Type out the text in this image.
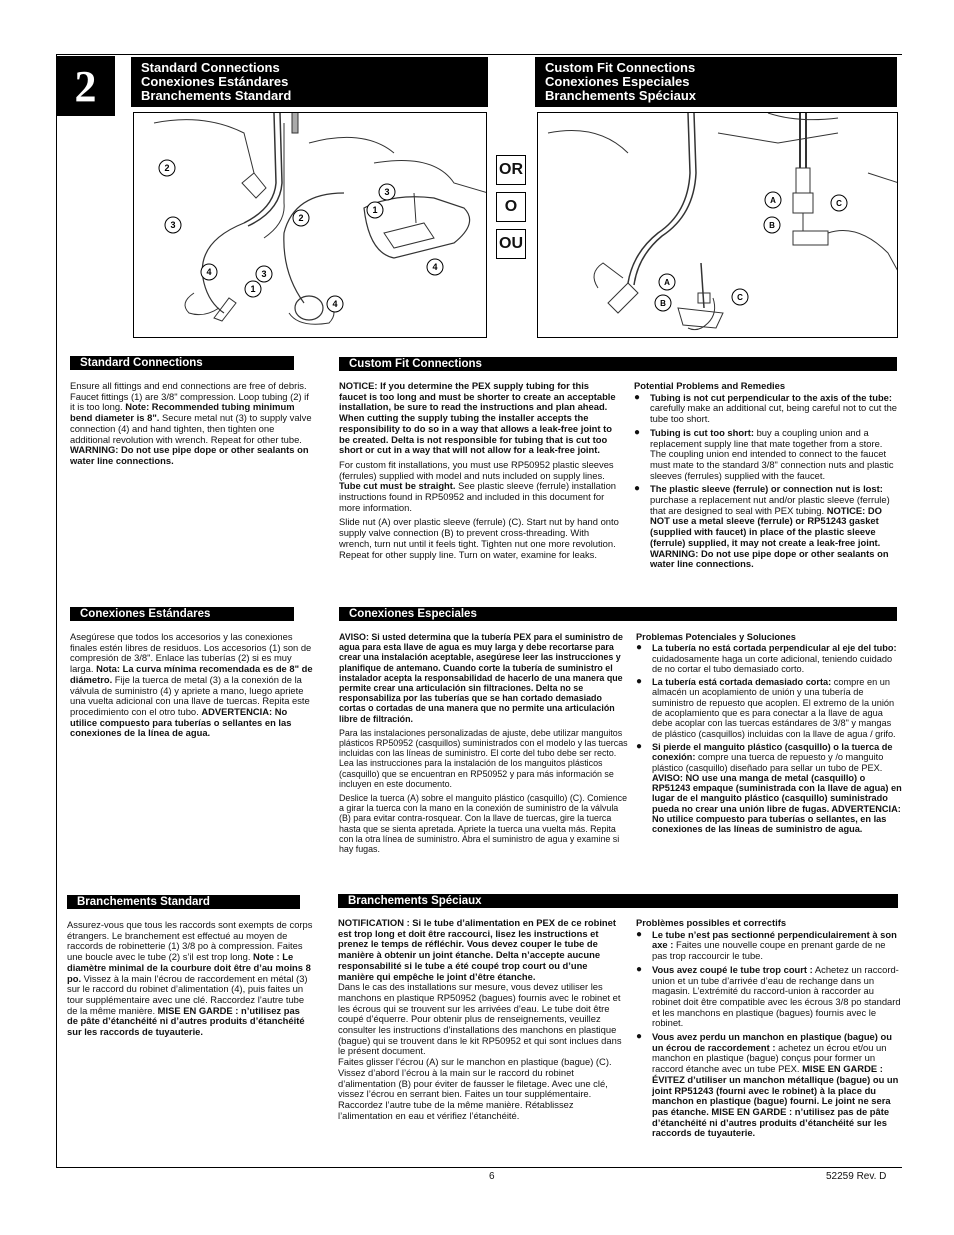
2	Standard Connections
Conexiones Estándares
Branchements Standard
Custom Fit Connections
Conexiones Especiales
Branchements Spéciaux
OR
O
OU
2
3
4
3
1
2
4
3
1
4
A	C
B
A
B
C
Standard Connections

Ensure all fittings and end connections are free of debris. Faucet fittings (1) are 3/8" compression. Loop tubing (2) if it is too long. Note: Recommended tubing minimum bend diameter is 8". Secure metal nut (3) to supply valve connection (4) and hand tighten, then tighten one additional revolution with wrench. Repeat for other tube. WARNING: Do not use pipe dope or other sealants on water line connections.

Custom Fit Connections

NOTICE: If you determine the PEX supply tubing for this faucet is too long and must be shorter to create an acceptable installation, be sure to read the instructions and plan ahead. When cutting the supply tubing the installer accepts the responsibility to do so in a way that allows a leak-free joint to be created. Delta is not responsible for tubing that is cut too short or cut in a way that will not allow for a leak-free joint.

For custom fit installations, you must use RP50952 plastic sleeves (ferrules) supplied with model and nuts included on supply lines. Tube cut must be straight. See plastic sleeve (ferrule) installation instructions found in RP50952 and included in this document for more information.

Slide nut (A) over plastic sleeve (ferrule) (C). Start nut by hand onto supply valve connection (B) to prevent cross-threading. With wrench, turn nut until it feels tight. Tighten nut one more revolution. Repeat for other supply line. Turn on water, examine for leaks.

Potential Problems and Remedies
● Tubing is not cut perpendicular to the axis of the tube: carefully make an additional cut, being careful not to cut the tube too short.
● Tubing is cut too short: buy a coupling union and a replacement supply line that mate together from a store. The coupling union end intended to connect to the faucet must mate to the standard 3/8" connection nuts and plastic sleeves (ferrules) supplied with the faucet.
● The plastic sleeve (ferrule) or connection nut is lost: purchase a replacement nut and/or plastic sleeve (ferrule) that are designed to seal with PEX tubing. NOTICE: DO NOT use a metal sleeve (ferrule) or RP51243 gasket (supplied with faucet) in place of the plastic sleeve (ferrule) supplied, it may not create a leak-free joint. WARNING: Do not use pipe dope or other sealants on water line connections.
Conexiones Estándares

Asegúrese que todos los accesorios y las conexiones finales estén libres de residuos. Los accesorios (1) son de compresión de 3/8". Enlace las tuberías (2) si es muy larga. Nota: La curva mínima recomendada es de 8" de diámetro. Fije la tuerca de metal (3) a la conexión de la válvula de suministro (4) y apriete a mano, luego apriete una vuelta adicional con una llave de tuercas. Repita este procedimiento con el otro tubo. ADVERTENCIA: No utilice compuesto para tuberías o sellantes en las conexiones de la línea de agua.

Conexiones Especiales

AVISO: Si usted determina que la tubería PEX para el suministro de agua para esta llave de agua es muy larga y debe recortarse para crear una instalación aceptable, asegúrese leer las instrucciones y planifique de antemano. Cuando corte la tubería de suministro el instalador acepta la responsabilidad de hacerlo de una manera que permite crear una articulación sin filtraciones. Delta no se responsabiliza por las tuberías que se han cortado demasiado cortas o cortadas de una manera que no permite una articulación libre de filtración.

Para las instalaciones personalizadas de ajuste, debe utilizar manguitos plásticos RP50952 (casquillos) suministrados con el modelo y las tuercas incluidas con las líneas de suministro. El corte del tubo debe ser recto. Lea las instrucciones para la instalación de los manguitos plásticos (casquillo) que se encuentran en RP50952 y para más información se incluyen en este documento.

Deslice la tuerca (A) sobre el manguito plástico (casquillo) (C). Comience a girar la tuerca con la mano en la conexión de suministro de la válvula (B) para evitar contra-rosquear. Con la llave de tuercas, gire la tuerca hasta que se sienta apretada. Apriete la tuerca una vuelta más. Repita con la otra línea de suministro. Abra el suministro de agua y examine si hay fugas.

Problemas Potenciales y Soluciones
● La tubería no está cortada perpendicular al eje del tubo: cuidadosamente haga un corte adicional, teniendo cuidado de no cortar el tubo demasiado corto.
● La tubería está cortada demasiado corta: compre en un almacén un acoplamiento de unión y una tubería de suministro de repuesto que acoplen. El extremo de la unión de acoplamiento que es para conectar a la llave de agua debe acoplar con las tuercas estándares de 3/8" y mangas de plástico (casquillos) incluidas con la llave de agua / grifo.
● Si pierde el manguito plástico (casquillo) o la tuerca de conexión: compre una tuerca de repuesto y /o manguito plástico (casquillo) diseñado para sellar un tubo de PEX. AVISO: NO use una manga de metal (casquillo) o RP51243 empaque (suministrada con la llave de agua) en lugar de el manguito plástico (casquillo) suministrado pueda no crear una unión libre de fugas. ADVERTENCIA: No utilice compuesto para tuberías o sellantes, en las conexiones de las líneas de suministro de agua.
Branchements Standard

Assurez-vous que tous les raccords sont exempts de corps étrangers. Le branchement est effectué au moyen de raccords de robinetterie (1) 3/8 po à compression. Faites une boucle avec le tube (2) s’il est trop long. Note : Le diamètre minimal de la courbure doit être d’au moins 8 po. Vissez à la main l’écrou de raccordement en métal (3) sur le raccord du robinet d’alimentation (4), puis faites un tour supplémentaire avec une clé. Raccordez l’autre tube de la même manière. MISE EN GARDE : n’utilisez pas de pâte d’étanchéité ni d’autres produits d’étanchéité sur les raccords de tuyauterie.

Branchements Spéciaux

NOTIFICATION : Si le tube d’alimentation en PEX de ce robinet est trop long et doit être raccourci, lisez les instructions et prenez le temps de réfléchir. Vous devez couper le tube de manière à obtenir un joint étanche. Delta n’accepte aucune responsabilité si le tube a été coupé trop court ou d’une manière qui empêche le joint d’être étanche.

Dans le cas des installations sur mesure, vous devez utiliser les manchons en plastique RP50952 (bagues) fournis avec le robinet et les écrous qui se trouvent sur les arrivées d’eau. Le tube doit être coupé d’équerre. Pour obtenir plus de renseignements, veuillez consulter les instructions d’installations des manchons en plastique (bague) qui se trouvent dans le kit RP50952 et qui sont inclues dans le présent document.

Faites glisser l’écrou (A) sur le manchon en plastique (bague) (C). Vissez d’abord l’écrou à la main sur le raccord du robinet d’alimentation (B) pour éviter de fausser le filetage. Avec une clé, vissez l’écrou en serrant bien. Faites un tour supplémentaire. Raccordez l’autre tube de la même manière. Rétablissez l’alimentation en eau et vérifiez l’étanchéité.

Problèmes possibles et correctifs
● Le tube n’est pas sectionné perpendiculairement à son axe : Faites une nouvelle coupe en prenant garde de ne pas trop raccourcir le tube.
● Vous avez coupé le tube trop court : Achetez un raccord-union et un tube d’arrivée d’eau de rechange dans un magasin. L’extrémité du raccord-union à raccorder au robinet doit être compatible avec les écrous 3/8 po standard et les manchons en plastique (bagues) fournis avec le robinet.
● Vous avez perdu un manchon en plastique (bague) ou un écrou de raccordement : achetez un écrou et/ou un manchon en plastique (bague) conçus pour former un raccord étanche avec un tube PEX. MISE EN GARDE : ÉVITEZ d’utiliser un manchon métallique (bague) ou un joint RP51243 (fourni avec le robinet) à la place du manchon en plastique (bague) fourni. Le joint ne sera pas étanche. MISE EN GARDE : n’utilisez pas de pâte d’étanchéité ni d’autres produits d’étanchéité sur les raccords de tuyauterie.
6	52259 Rev. D
